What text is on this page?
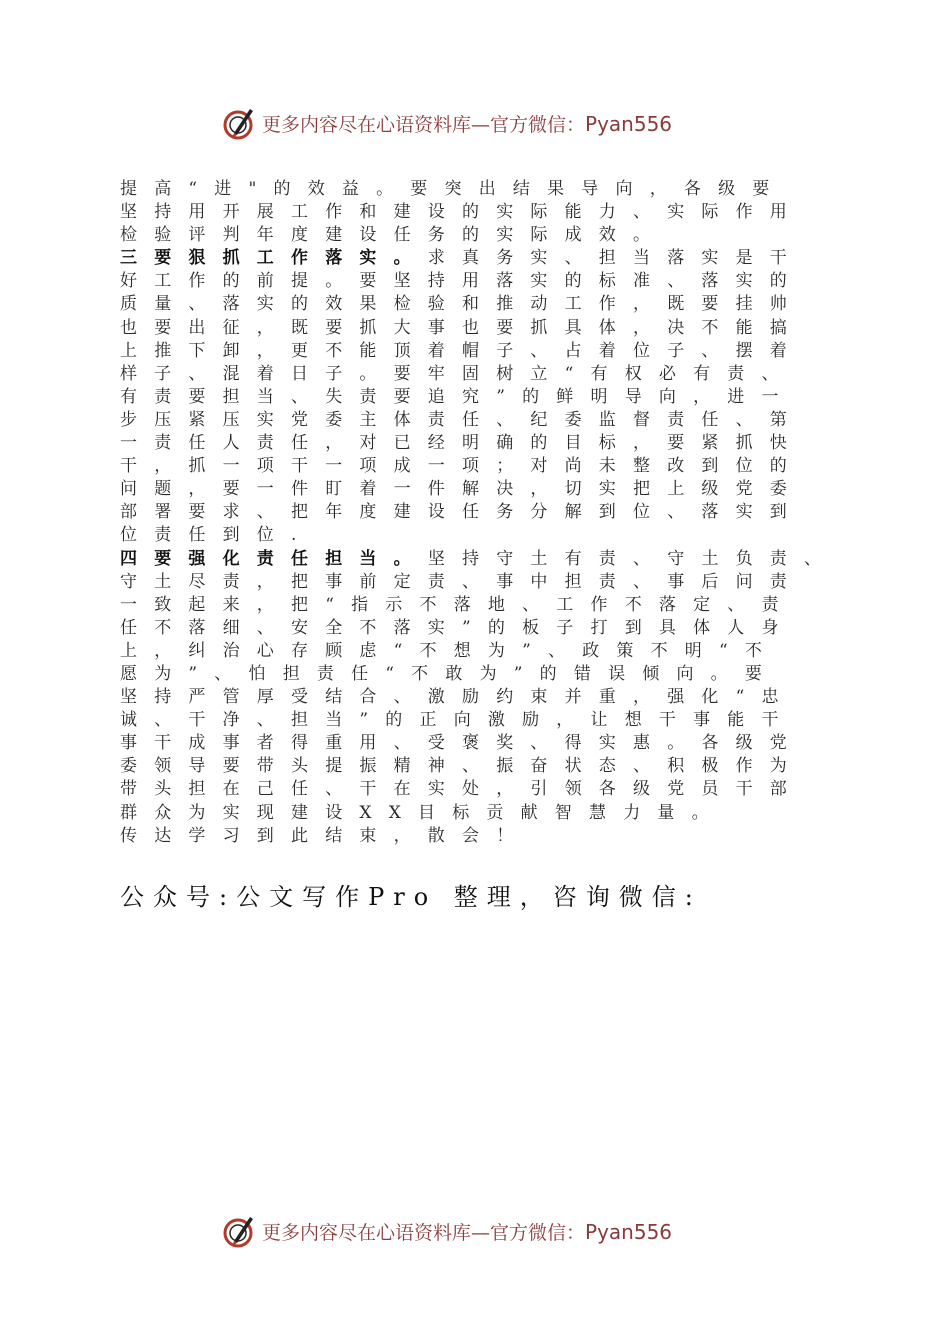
更多内容尽在心语资料库—官方微信：Pyan556
提高“进"的效益。要突出结果导向，各级要
坚持用开展工作和建设的实际能力、实际作用
检验评判年度建设任务的实际成效。
三要狠抓工作落实。求真务实、担当落实是干
好工作的前提。要坚持用落实的标准、落实的
质量、落实的效果检验和推动工作，既要挂帅
也要出征，既要抓大事也要抓具体，决不能搞
上推下卸，更不能顶着帽子、占着位子、摆着
样子、混着日子。要牢固树立“有权必有责、
有责要担当、失责要追究”的鲜明导向，进一
步压紧压实党委主体责任、纪委监督责任、第
一责任人责任，对已经明确的目标，要紧抓快
干，抓一项干一项成一项；对尚未整改到位的
问题，要一件盯着一件解决，切实把上级党委
部署要求、把年度建设任务分解到位、落实到
位责任到位.
四要强化责任担当。坚持守土有责、守土负责、
守土尽责，把事前定责、事中担责、事后问责
一致起来，把“指示不落地、工作不落定、责
任不落细、安全不落实”的板子打到具体人身
上，纠治心存顾虑“不想为”、政策不明“不
愿为”、怕担责任“不敢为”的错误倾向。要
坚持严管厚受结合、激励约束并重，强化“忠
诚、干净、担当”的正向激励，让想干事能干
事干成事者得重用、受褒奖、得实惠。各级党
委领导要带头提振精神、振奋状态、积极作为
带头担在己任、干在实处，引领各级党员干部
群众为实现建设XX目标贡献智慧力量。
传达学习到此结束，散会！
公众号:公文写作Pro 整理，咨询微信:
更多内容尽在心语资料库—官方微信：Pyan556
